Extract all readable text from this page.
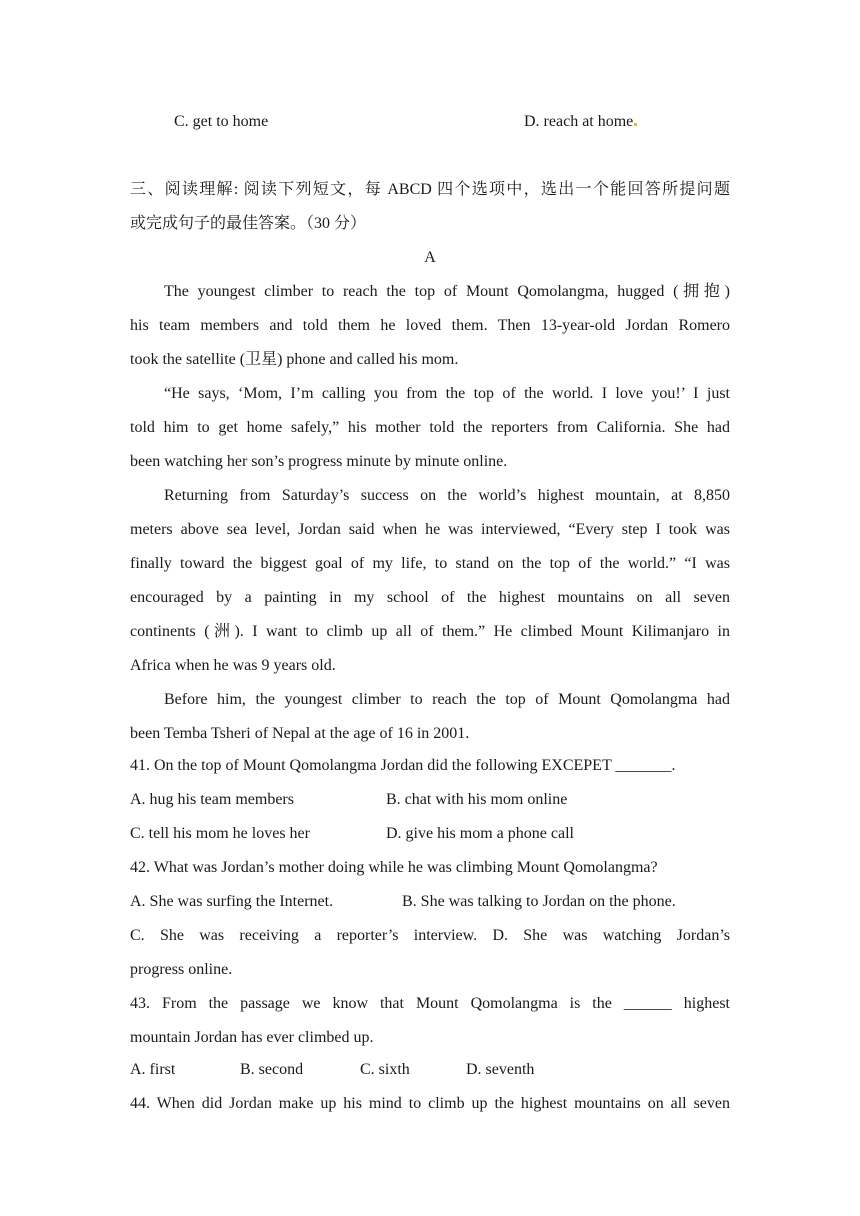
C. get to home	D. reach at home
三、阅读理解: 阅读下列短文，每 ABCD 四个选项中，选出一个能回答所提问题
或完成句子的最佳答案。（30 分）
A
The youngest climber to reach the top of Mount Qomolangma, hugged (拥抱)
his team members and told them he loved them. Then 13-year-old Jordan Romero
took the satellite (卫星) phone and called his mom.
“He says, ‘Mom, I’m calling you from the top of the world. I love you!’ I just
told him to get home safely,” his mother told the reporters from California. She had
been watching her son’s progress minute by minute online.
Returning from Saturday’s success on the world’s highest mountain, at 8,850
meters above sea level, Jordan said when he was interviewed, “Every step I took was
finally toward the biggest goal of my life, to stand on the top of the world.” “I was
encouraged by a painting in my school of the highest mountains on all seven
continents (洲). I want to climb up all of them.” He climbed Mount Kilimanjaro in
Africa when he was 9 years old.
Before him, the youngest climber to reach the top of Mount Qomolangma had
been Temba Tsheri of Nepal at the age of 16 in 2001.
41. On the top of Mount Qomolangma Jordan did the following EXCEPET _______.
A. hug his team members	B. chat with his mom online
C. tell his mom he loves her	D. give his mom a phone call
42. What was Jordan’s mother doing while he was climbing Mount Qomolangma?
A. She was surfing the Internet.	B. She was talking to Jordan on the phone.
C. She was receiving a reporter’s interview. D. She was watching Jordan’s
progress online.
43. From the passage we know that Mount Qomolangma is the ______ highest
mountain Jordan has ever climbed up.
A. first	B. second	C. sixth	D. seventh
44. When did Jordan make up his mind to climb up the highest mountains on all seven
